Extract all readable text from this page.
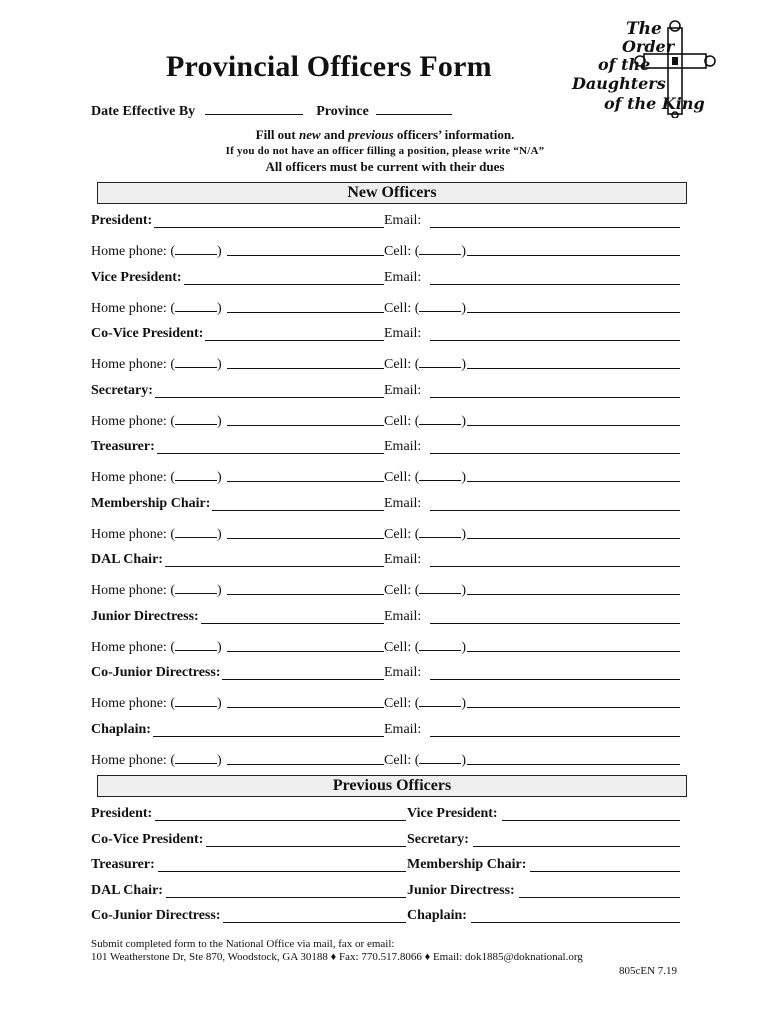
Provincial Officers Form
The
Order
of the
Daughters
of the King
Date Effective By	Province
Fill out new and previous officers’ information.
If you do not have an officer filling a position, please write “N/A”
All officers must be current with their dues
New Officers
President:	Email:
Home phone: (	)	Cell: (	)
Vice President:	Email:
Home phone: (	)	Cell: (	)
Co-Vice President:	Email:
Home phone: (	)	Cell: (	)
Secretary:	Email:
Home phone: (	)	Cell: (	)
Treasurer:	Email:
Home phone: (	)	Cell: (	)
Membership Chair:	Email:
Home phone: (	)	Cell: (	)
DAL Chair:	Email:
Home phone: (	)	Cell: (	)
Junior Directress:	Email:
Home phone: (	)	Cell: (	)
Co-Junior Directress:	Email:
Home phone: (	)	Cell: (	)
Chaplain:	Email:
Home phone: (	)	Cell: (	)
Previous Officers
President:	Vice President:
Co-Vice President:	Secretary:
Treasurer:	Membership Chair:
DAL Chair:	Junior Directress:
Co-Junior Directress:	Chaplain:
Submit completed form to the National Office via mail, fax or email:
101 Weatherstone Dr, Ste 870, Woodstock, GA 30188 ♦ Fax: 770.517.8066 ♦ Email: dok1885@doknational.org
805cEN 7.19
